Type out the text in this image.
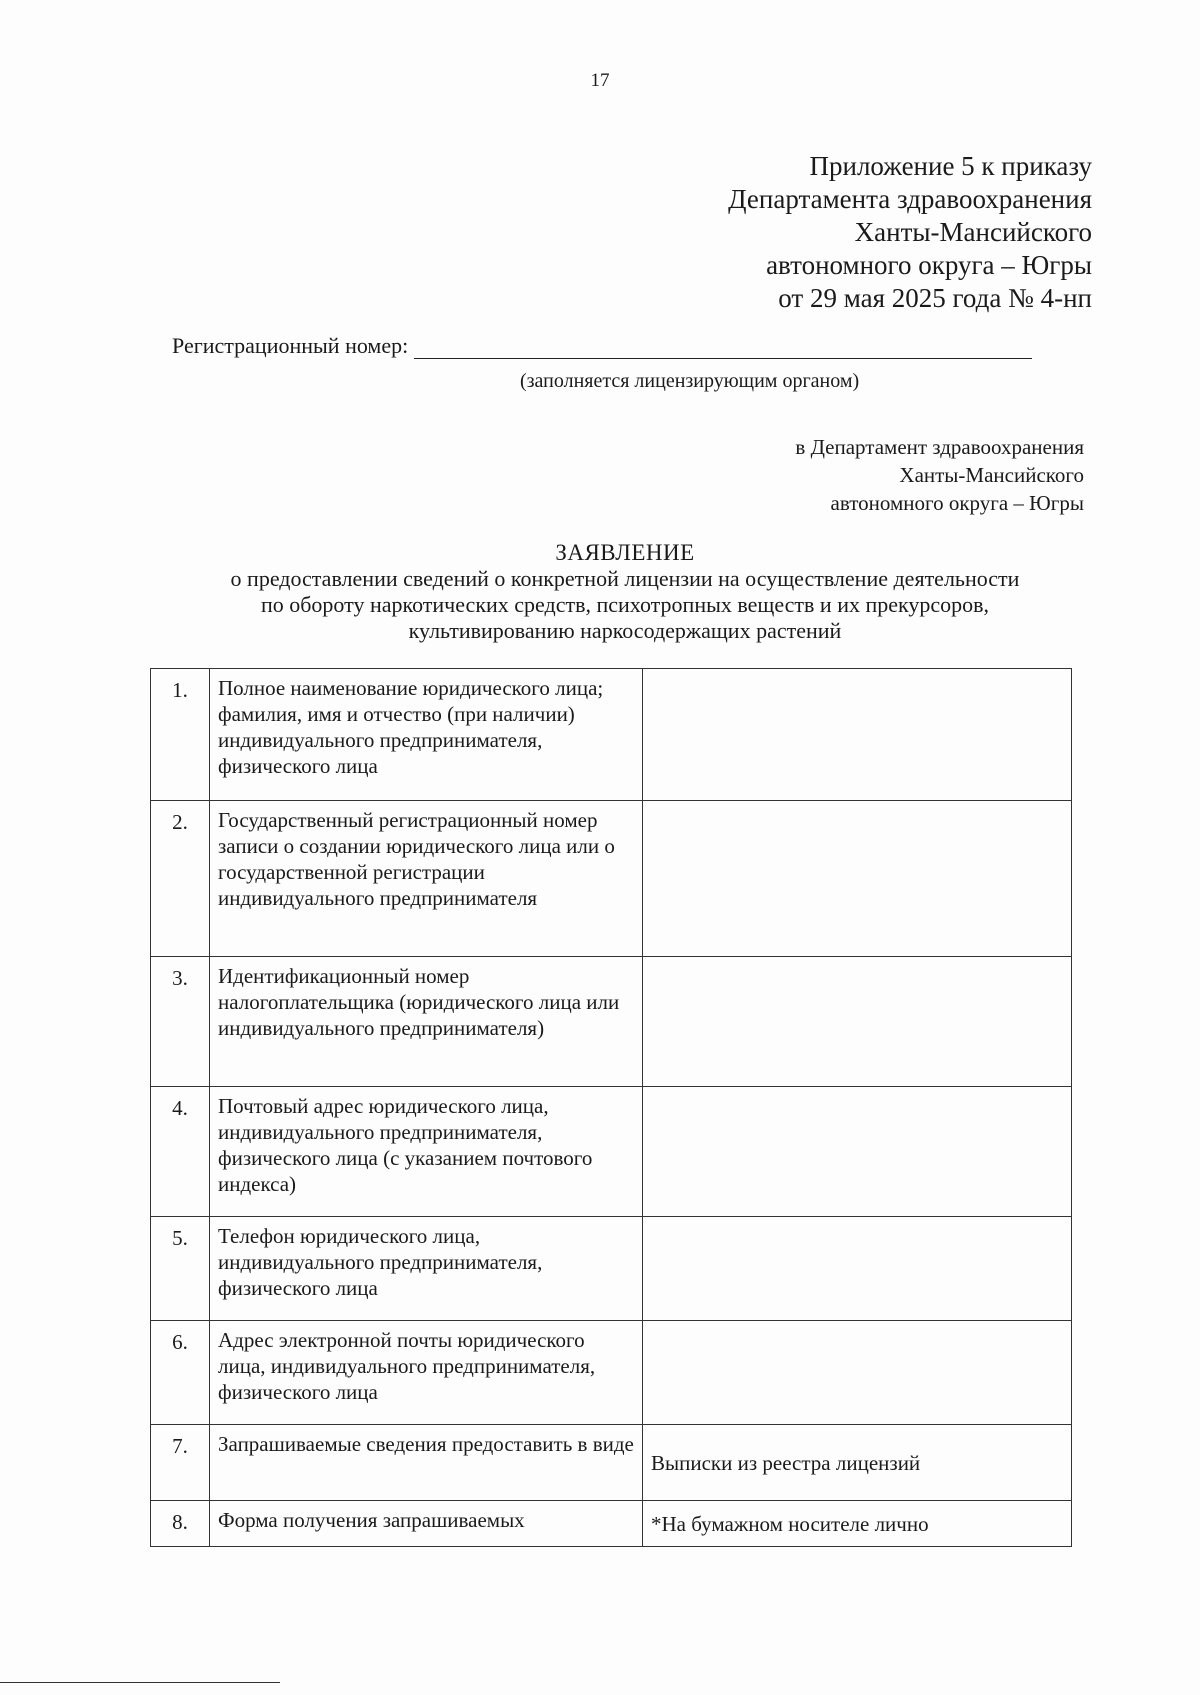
17
Приложение 5 к приказу
Департамента здравоохранения
Ханты-Мансийского
автономного округа – Югры
от 29 мая 2025 года № 4-нп
Регистрационный номер:
(заполняется лицензирующим органом)
в Департамент здравоохранения
Ханты-Мансийского
автономного округа – Югры
ЗАЯВЛЕНИЕ
о предоставлении сведений о конкретной лицензии на осуществление деятельности
по обороту наркотических средств, психотропных веществ и их прекурсоров,
культивированию наркосодержащих растений
1.	Полное наименование юридического лица; фамилия, имя и отчество (при наличии) индивидуального предпринимателя, физического лица	
2.	Государственный регистрационный номер записи о создании юридического лица или о государственной регистрации индивидуального предпринимателя	
3.	Идентификационный номер налогоплательщика (юридического лица или индивидуального предпринимателя)	
4.	Почтовый адрес юридического лица, индивидуального предпринимателя, физического лица (с указанием почтового индекса)	
5.	Телефон юридического лица, индивидуального предпринимателя, физического лица	
6.	Адрес электронной почты юридического лица, индивидуального предпринимателя, физического лица	
7.	Запрашиваемые сведения предоставить в виде	Выписки из реестра лицензий
8.	Форма получения запрашиваемых	*На бумажном носителе лично
